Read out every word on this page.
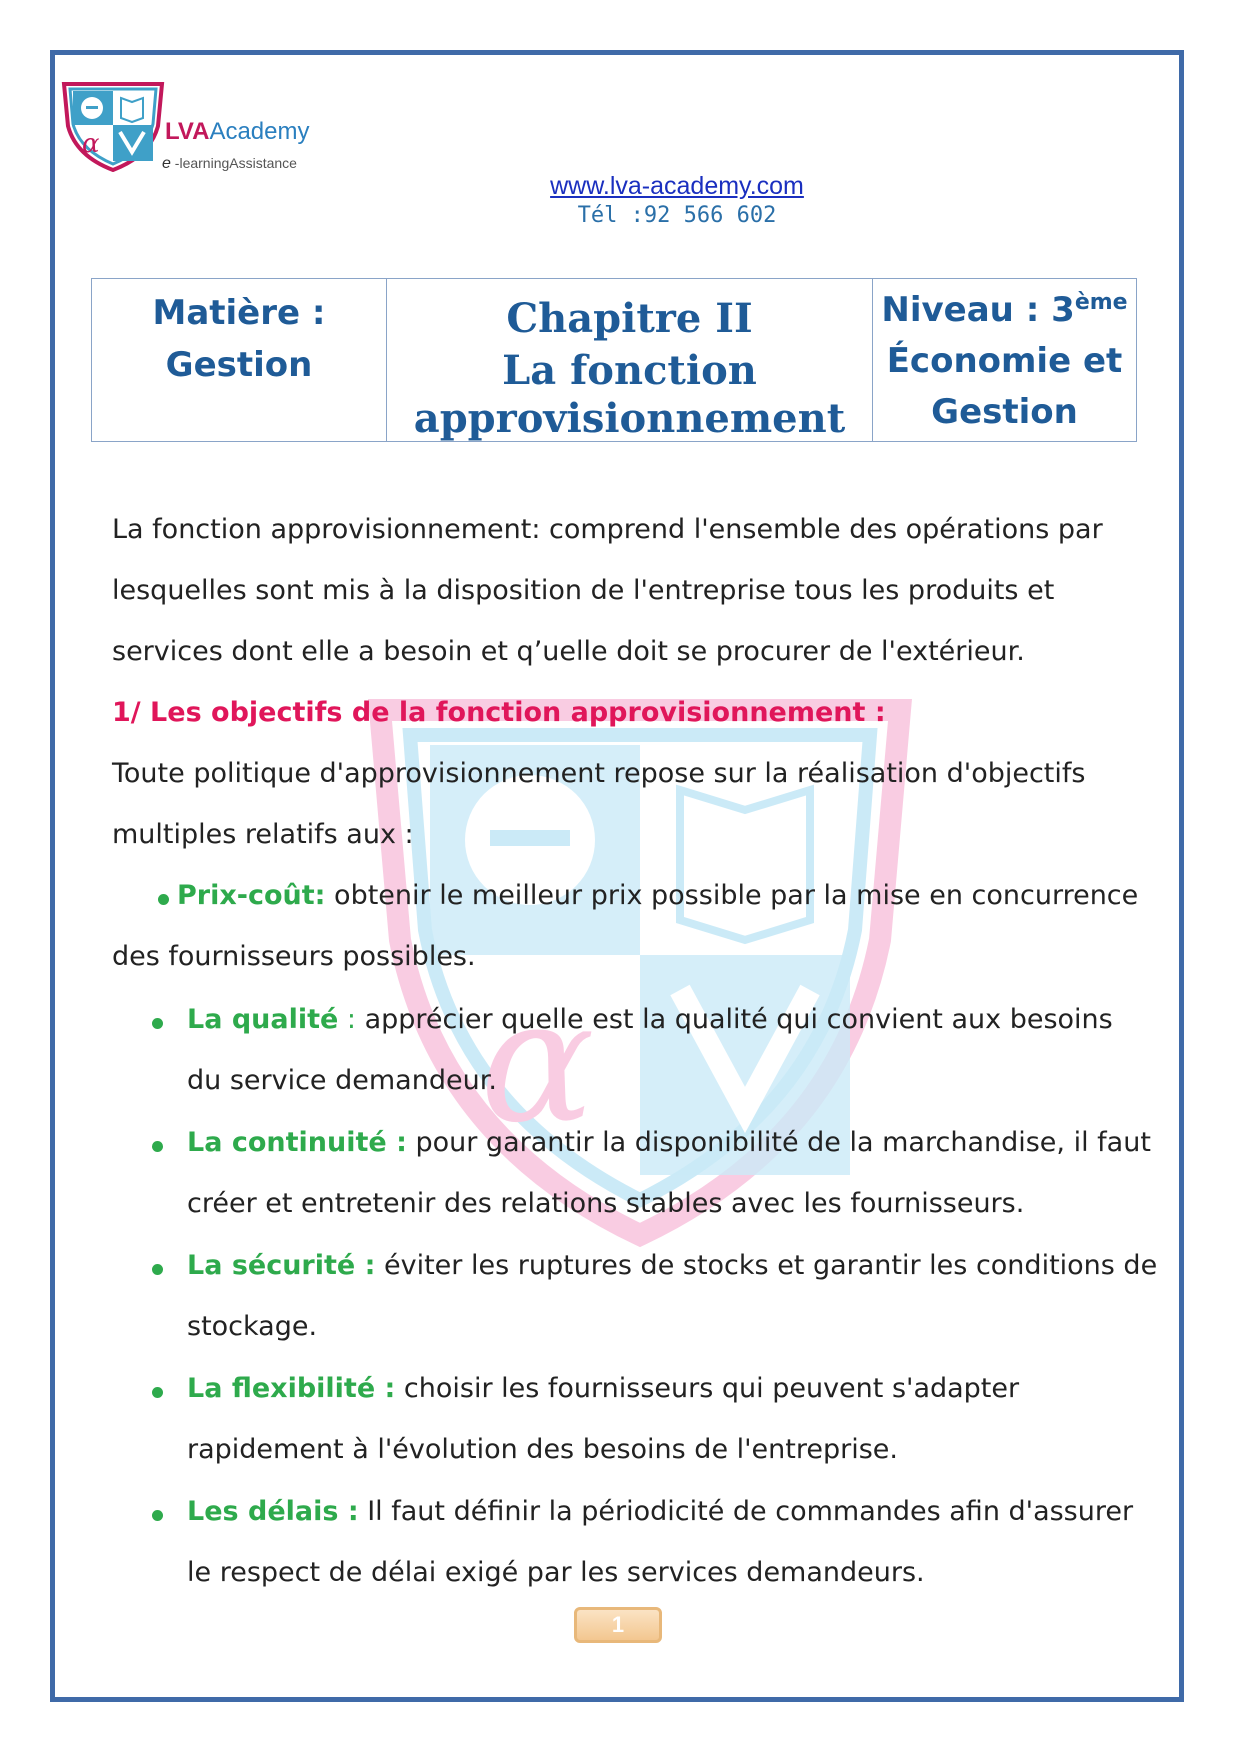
α	LVAAcademy
e -learningAssistance
www.lva-academy.com
Tél :92 566 602
Matière :
Gestion
Chapitre II
La fonction
approvisionnement
Niveau : 3ème
Économie et
Gestion
α
La fonction approvisionnement: comprend l'ensemble des opérations par
lesquelles sont mis à la disposition de l'entreprise tous les produits et
services dont elle a besoin et q’uelle doit se procurer de l'extérieur.
1/ Les objectifs de la fonction approvisionnement :
Toute politique d'approvisionnement repose sur la réalisation d'objectifs
multiples relatifs aux :
Prix-coût: obtenir le meilleur prix possible par la mise en concurrence
des fournisseurs possibles.
La qualité : apprécier quelle est la qualité qui convient aux besoins
du service demandeur.
La continuité : pour garantir la disponibilité de la marchandise, il faut
créer et entretenir des relations stables avec les fournisseurs.
La sécurité : éviter les ruptures de stocks et garantir les conditions de
stockage.
La flexibilité : choisir les fournisseurs qui peuvent s'adapter
rapidement à l'évolution des besoins de l'entreprise.
Les délais : Il faut définir la périodicité de commandes afin d'assurer
le respect de délai exigé par les services demandeurs.
1
